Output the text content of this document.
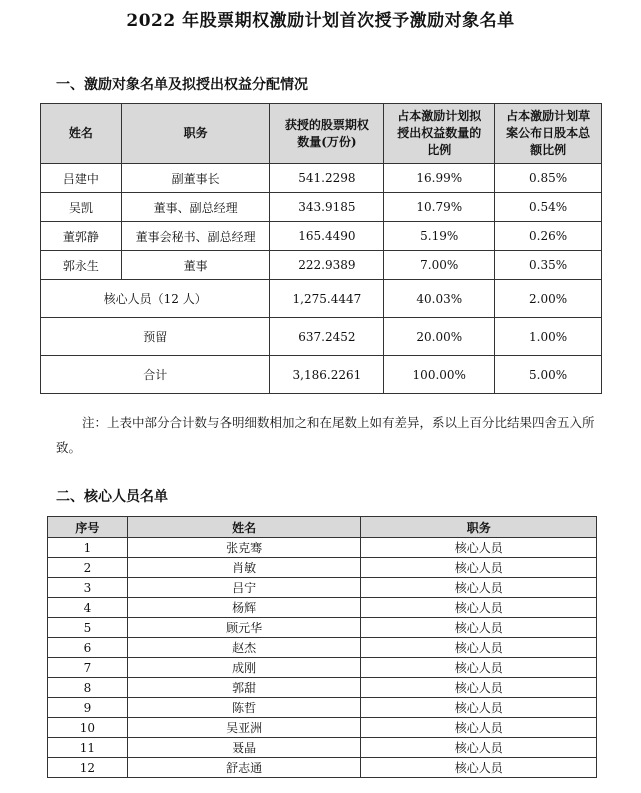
2022 年股票期权激励计划首次授予激励对象名单
一、激励对象名单及拟授出权益分配情况
姓名	职务	获授的股票期权数量(万份)	占本激励计划拟授出权益数量的比例	占本激励计划草案公布日股本总额比例
吕建中	副董事长	541.2298	16.99%	0.85%
吴凯	董事、副总经理	343.9185	10.79%	0.54%
董郭静	董事会秘书、副总经理	165.4490	5.19%	0.26%
郭永生	董事	222.9389	7.00%	0.35%
核心人员（12 人）		1,275.4447	40.03%	2.00%
预留		637.2452	20.00%	1.00%
合计		3,186.2261	100.00%	5.00%
注：上表中部分合计数与各明细数相加之和在尾数上如有差异，系以上百分比结果四舍五入所致。
二、核心人员名单
序号	姓名	职务
1	张克骞	核心人员
2	肖敏	核心人员
3	吕宁	核心人员
4	杨辉	核心人员
5	顾元华	核心人员
6	赵杰	核心人员
7	成刚	核心人员
8	郭甜	核心人员
9	陈哲	核心人员
10	吴亚洲	核心人员
11	聂晶	核心人员
12	舒志通	核心人员
